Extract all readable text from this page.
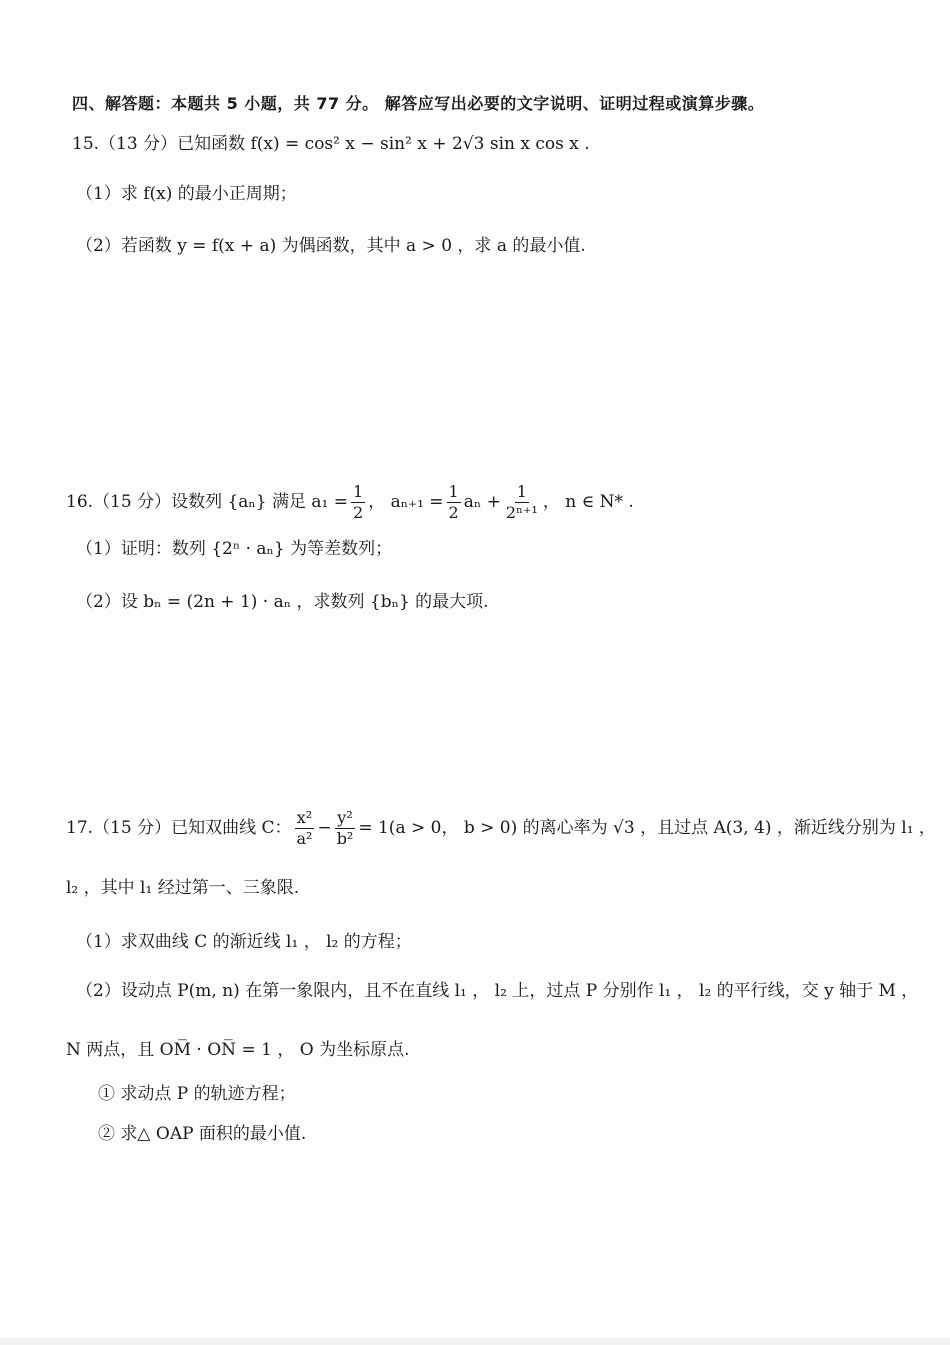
四、解答题：本题共 5 小题，共 77 分。 解答应写出必要的文字说明、证明过程或演算步骤。
15.（13 分）已知函数 f(x) = cos² x − sin² x + 2√3 sin x cos x .
（1）求 f(x) 的最小正周期；
（2）若函数 y = f(x + a) 为偶函数，其中 a > 0 ，求 a 的最小值.
16.（15 分）设数列 {aₙ} 满足 $a_1 = \frac{1}{2}$ ， $a_{n+1} = \frac{1}{2}$ $a_n + \frac{1}{\text{2ⁿ⁺¹}}$ ， n ∈ N* .
（1）证明：数列 {2ⁿ · aₙ} 为等差数列；
（2）设 bₙ = (2n + 1) · aₙ ，求数列 {bₙ} 的最大项.
17.（15 分）已知双曲线 C： $\frac{\text{x²}}{\text{a²}} - \frac{\text{y²}}{\text{b²}} = 1(a > 0$， b > 0) 的离心率为 √3 ，且过点 A(3, 4) ，渐近线分别为 l₁ ，
l₂ ，其中 l₁ 经过第一、三象限.
（1）求双曲线 C 的渐近线 l₁ ， l₂ 的方程；
（2）设动点 P(m, n) 在第一象限内，且不在直线 l₁ ， l₂ 上，过点 P 分别作 l₁ ， l₂ 的平行线，交 y 轴于 M ，
N 两点，且 OM̅ · ON̅ = 1 ， O 为坐标原点.
① 求动点 P 的轨迹方程；
② 求△ OAP 面积的最小值.
